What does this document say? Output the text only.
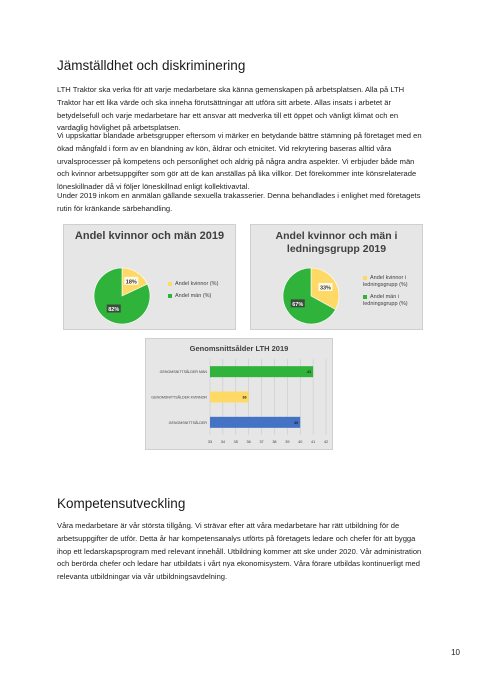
Jämställdhet och diskriminering

LTH Traktor ska verka för att varje medarbetare ska känna gemenskapen på arbetsplatsen. Alla på LTH Traktor har ett lika värde och ska inneha förutsättningar att utföra sitt arbete. Allas insats i arbetet är betydelsefull och varje medarbetare har ett ansvar att medverka till ett öppet och vänligt klimat och en vardaglig hövlighet på arbetsplatsen.

Vi uppskattar blandade arbetsgrupper eftersom vi märker en betydande bättre stämning på företaget med en ökad mångfald i form av en blandning av kön, åldrar och etnicitet. Vid rekrytering baseras alltid våra urvalsprocesser på kompetens och personlighet och aldrig på några andra aspekter. Vi erbjuder både män och kvinnor arbetsuppgifter som gör att de kan anställas på lika villkor. Det förekommer inte könsrelaterade löneskillnader då vi följer löneskillnad enligt kollektivavtal.

Under 2019 inkom en anmälan gällande sexuella trakasserier. Denna behandlades i enlighet med företagets rutin för kränkande särbehandling.

Andel kvinnor och män 2019
18%
82%
Andel kvinnor (%)
Andel män (%)
Andel kvinnor och män i ledningsgrupp 2019
33%
67%
Andel kvinnor i ledningsgrupp (%)
Andel män i ledningsgrupp (%)
Genomsnittsålder LTH 2019
33 34 35 36 37 38 39 40 41 42
GENOMSNITTSÅLDER MÄN	41
GENOMSNITTSÅLDER KVINNOR	36
GENOMSNITTSÅLDER	40
Kompetensutveckling

Våra medarbetare är vår största tillgång. Vi strävar efter att våra medarbetare har rätt utbildning för de arbetsuppgifter de utför. Detta år har kompetensanalys utförts på företagets ledare och chefer för att bygga ihop ett ledarskapsprogram med relevant innehåll. Utbildning kommer att ske under 2020. Vår administration och berörda chefer och ledare har utbildats i vårt nya ekonomisystem. Våra förare utbildas kontinuerligt med relevanta utbildningar via vår utbildningsavdelning.

10
